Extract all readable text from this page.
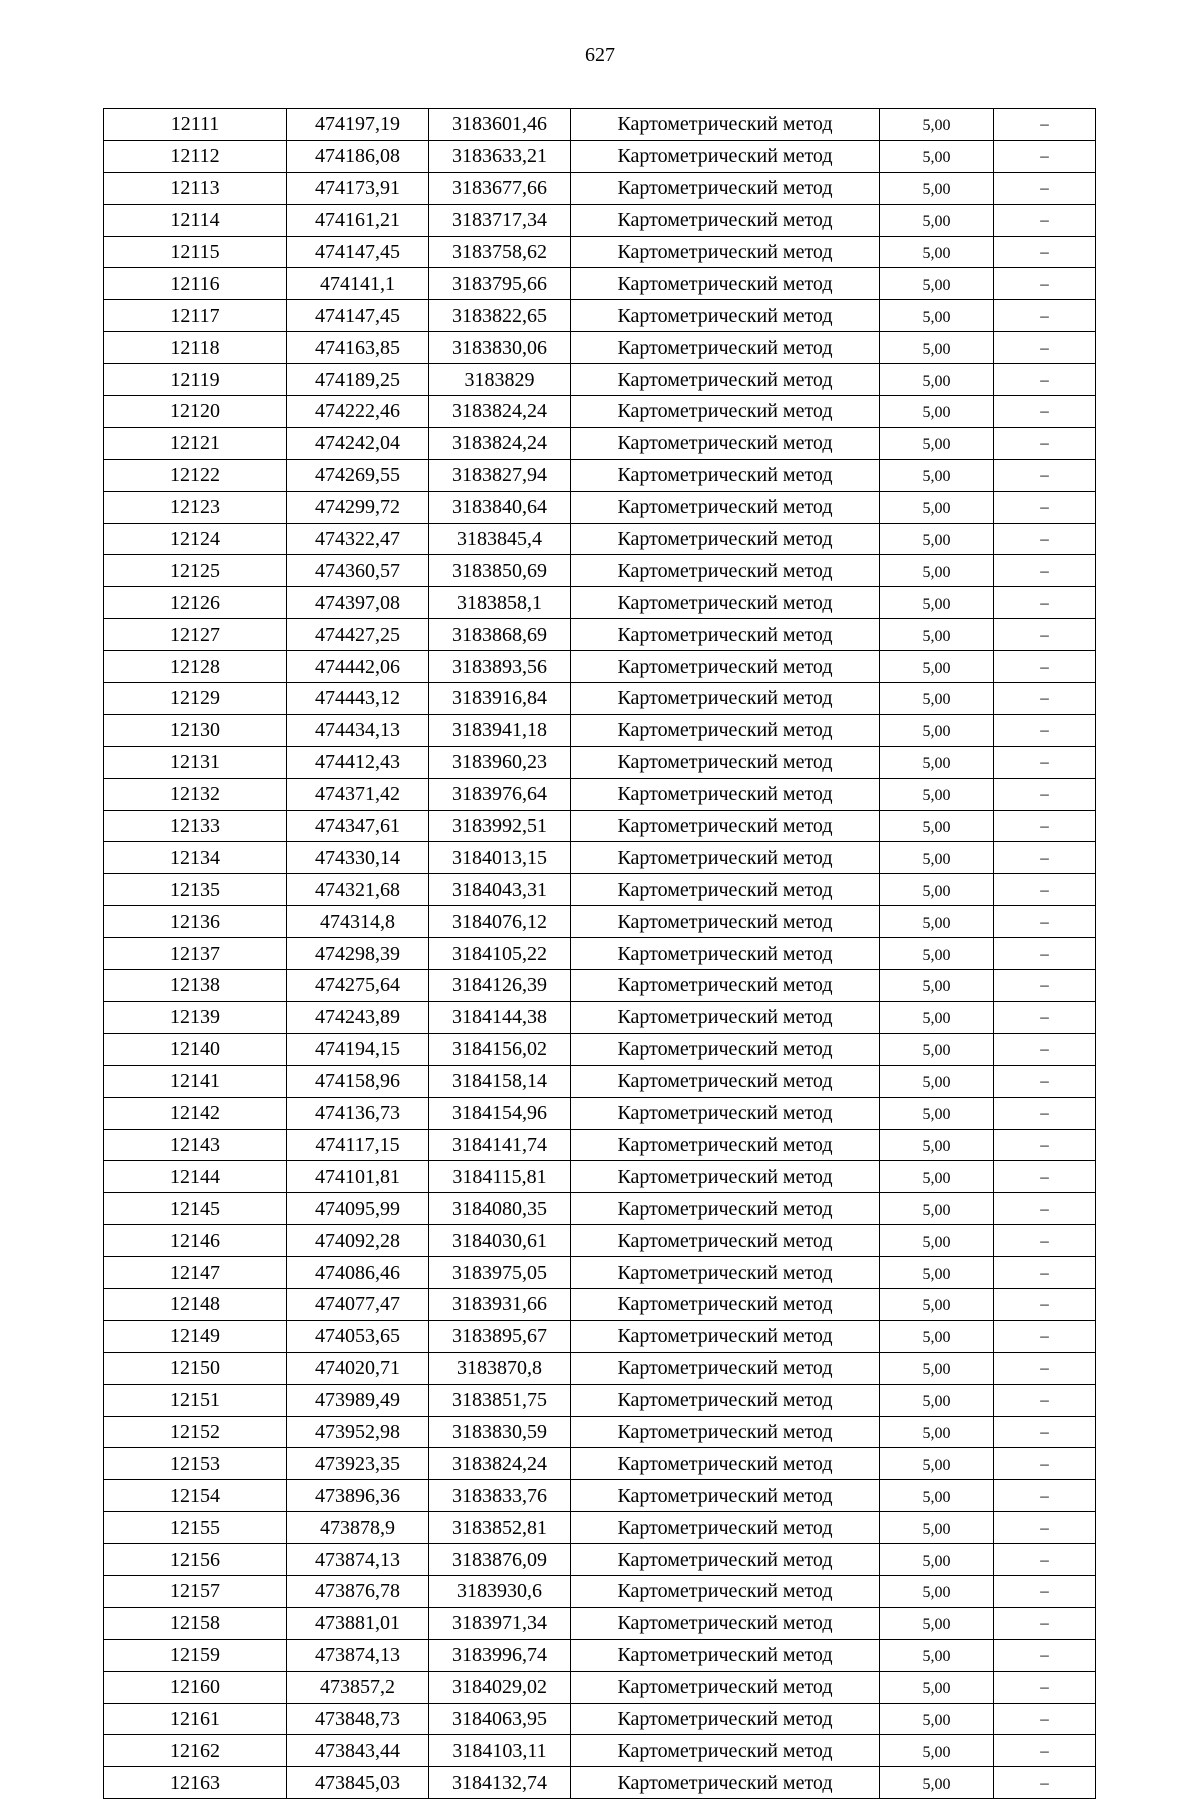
627
12111	474197,19	3183601,46	Картометрический метод	5,00	–
12112	474186,08	3183633,21	Картометрический метод	5,00	–
12113	474173,91	3183677,66	Картометрический метод	5,00	–
12114	474161,21	3183717,34	Картометрический метод	5,00	–
12115	474147,45	3183758,62	Картометрический метод	5,00	–
12116	474141,1	3183795,66	Картометрический метод	5,00	–
12117	474147,45	3183822,65	Картометрический метод	5,00	–
12118	474163,85	3183830,06	Картометрический метод	5,00	–
12119	474189,25	3183829	Картометрический метод	5,00	–
12120	474222,46	3183824,24	Картометрический метод	5,00	–
12121	474242,04	3183824,24	Картометрический метод	5,00	–
12122	474269,55	3183827,94	Картометрический метод	5,00	–
12123	474299,72	3183840,64	Картометрический метод	5,00	–
12124	474322,47	3183845,4	Картометрический метод	5,00	–
12125	474360,57	3183850,69	Картометрический метод	5,00	–
12126	474397,08	3183858,1	Картометрический метод	5,00	–
12127	474427,25	3183868,69	Картометрический метод	5,00	–
12128	474442,06	3183893,56	Картометрический метод	5,00	–
12129	474443,12	3183916,84	Картометрический метод	5,00	–
12130	474434,13	3183941,18	Картометрический метод	5,00	–
12131	474412,43	3183960,23	Картометрический метод	5,00	–
12132	474371,42	3183976,64	Картометрический метод	5,00	–
12133	474347,61	3183992,51	Картометрический метод	5,00	–
12134	474330,14	3184013,15	Картометрический метод	5,00	–
12135	474321,68	3184043,31	Картометрический метод	5,00	–
12136	474314,8	3184076,12	Картометрический метод	5,00	–
12137	474298,39	3184105,22	Картометрический метод	5,00	–
12138	474275,64	3184126,39	Картометрический метод	5,00	–
12139	474243,89	3184144,38	Картометрический метод	5,00	–
12140	474194,15	3184156,02	Картометрический метод	5,00	–
12141	474158,96	3184158,14	Картометрический метод	5,00	–
12142	474136,73	3184154,96	Картометрический метод	5,00	–
12143	474117,15	3184141,74	Картометрический метод	5,00	–
12144	474101,81	3184115,81	Картометрический метод	5,00	–
12145	474095,99	3184080,35	Картометрический метод	5,00	–
12146	474092,28	3184030,61	Картометрический метод	5,00	–
12147	474086,46	3183975,05	Картометрический метод	5,00	–
12148	474077,47	3183931,66	Картометрический метод	5,00	–
12149	474053,65	3183895,67	Картометрический метод	5,00	–
12150	474020,71	3183870,8	Картометрический метод	5,00	–
12151	473989,49	3183851,75	Картометрический метод	5,00	–
12152	473952,98	3183830,59	Картометрический метод	5,00	–
12153	473923,35	3183824,24	Картометрический метод	5,00	–
12154	473896,36	3183833,76	Картометрический метод	5,00	–
12155	473878,9	3183852,81	Картометрический метод	5,00	–
12156	473874,13	3183876,09	Картометрический метод	5,00	–
12157	473876,78	3183930,6	Картометрический метод	5,00	–
12158	473881,01	3183971,34	Картометрический метод	5,00	–
12159	473874,13	3183996,74	Картометрический метод	5,00	–
12160	473857,2	3184029,02	Картометрический метод	5,00	–
12161	473848,73	3184063,95	Картометрический метод	5,00	–
12162	473843,44	3184103,11	Картометрический метод	5,00	–
12163	473845,03	3184132,74	Картометрический метод	5,00	–
